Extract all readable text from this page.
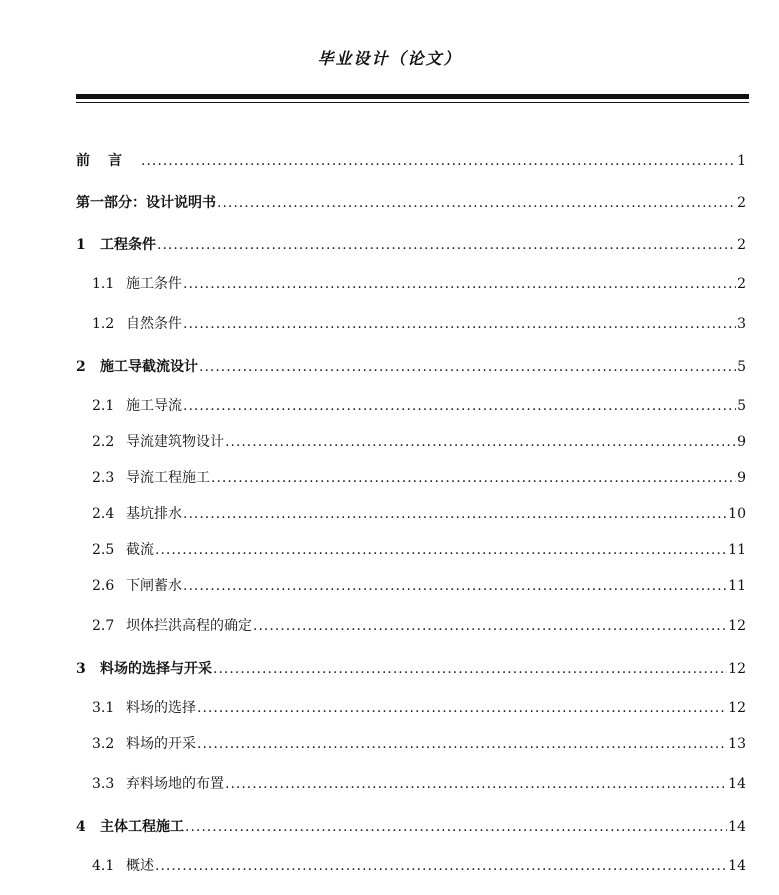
毕业设计（论文）
前言 .....	1
第一部分：设计说明书 .....	2
1	工程条件 .....	2
1.1 施工条件 .....	2
1.2 自然条件 .....	3
2	施工导截流设计 .....	5
2.1 施工导流 .....	5
2.2 导流建筑物设计 .....	9
2.3 导流工程施工 .....	9
2.4 基坑排水 .....	10
2.5 截流 .....	11
2.6 下闸蓄水 .....	11
2.7 坝体拦洪高程的确定 .....	12
3	料场的选择与开采 .....	12
3.1 料场的选择 .....	12
3.2 料场的开采 .....	13
3.3 弃料场地的布置 .....	14
4	主体工程施工 .....	14
4.1 概述 .....	14
